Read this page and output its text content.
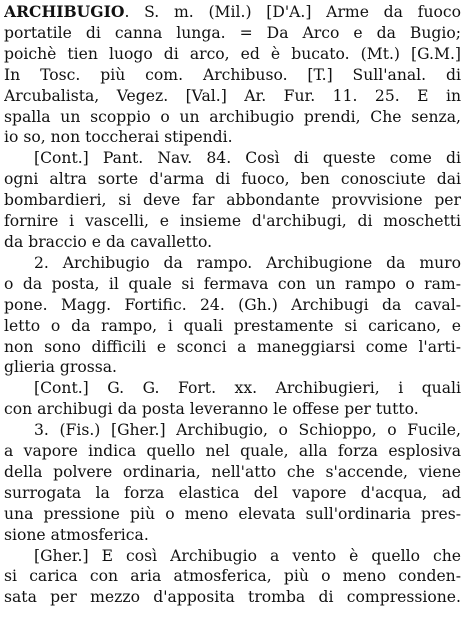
ARCHIBUGIO. S. m. (Mil.) [D'A.] Arme da fuoco
portatile di canna lunga. = Da Arco e da Bugio;
poichè tien luogo di arco, ed è bucato. (Mt.) [G.M.]
In Tosc. più com. Archibuso. [T.] Sull'anal. di
Arcubalista, Vegez. [Val.] Ar. Fur. 11. 25. E in
spalla un scoppio o un archibugio prendi, Che senza,
io so, non toccherai stipendi.
[Cont.] Pant. Nav. 84. Così di queste come di
ogni altra sorte d'arma di fuoco, ben conosciute dai
bombardieri, si deve far abbondante provvisione per
fornire i vascelli, e insieme d'archibugi, di moschetti
da braccio e da cavalletto.
2. Archibugio da rampo. Archibugione da muro
o da posta, il quale si fermava con un rampo o ram-
pone. Magg. Fortific. 24. (Gh.) Archibugi da caval-
letto o da rampo, i quali prestamente si caricano, e
non sono difficili e sconci a maneggiarsi come l'arti-
glieria grossa.
[Cont.] G. G. Fort. xx. Archibugieri, i quali
con archibugi da posta leveranno le offese per tutto.
3. (Fis.) [Gher.] Archibugio, o Schioppo, o Fucile,
a vapore indica quello nel quale, alla forza esplosiva
della polvere ordinaria, nell'atto che s'accende, viene
surrogata la forza elastica del vapore d'acqua, ad
una pressione più o meno elevata sull'ordinaria pres-
sione atmosferica.
[Gher.] E così Archibugio a vento è quello che
si carica con aria atmosferica, più o meno conden-
sata per mezzo d'apposita tromba di compressione.
